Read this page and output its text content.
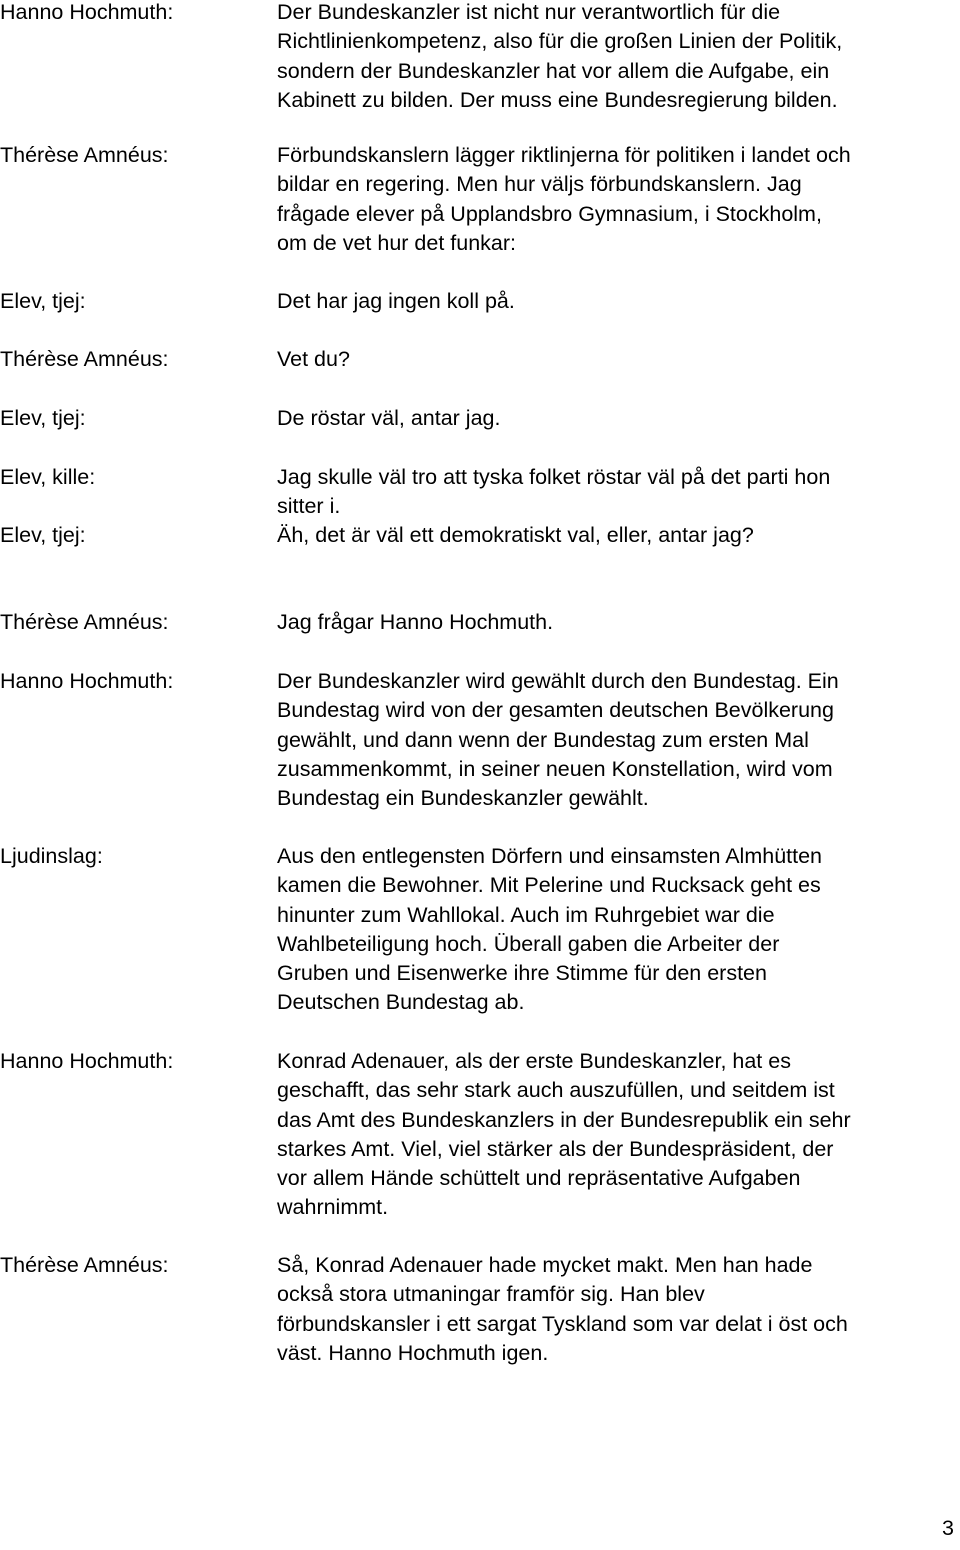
Hanno Hochmuth:	Der Bundeskanzler ist nicht nur verantwortlich für die
Richtlinienkompetenz, also für die großen Linien der Politik,
sondern der Bundeskanzler hat vor allem die Aufgabe, ein
Kabinett zu bilden. Der muss eine Bundesregierung bilden.
Thérèse Amnéus:	Förbundskanslern lägger riktlinjerna för politiken i landet och
bildar en regering. Men hur väljs förbundskanslern. Jag
frågade elever på Upplandsbro Gymnasium, i Stockholm,
om de vet hur det funkar:
Elev, tjej:	Det har jag ingen koll på.
Thérèse Amnéus:	Vet du?
Elev, tjej:	De röstar väl, antar jag.
Elev, kille:	Jag skulle väl tro att tyska folket röstar väl på det parti hon
sitter i.
Elev, tjej:	Äh, det är väl ett demokratiskt val, eller, antar jag?
Thérèse Amnéus:	Jag frågar Hanno Hochmuth.
Hanno Hochmuth:	Der Bundeskanzler wird gewählt durch den Bundestag. Ein
Bundestag wird von der gesamten deutschen Bevölkerung
gewählt, und dann wenn der Bundestag zum ersten Mal
zusammenkommt, in seiner neuen Konstellation, wird vom
Bundestag ein Bundeskanzler gewählt.
Ljudinslag:	Aus den entlegensten Dörfern und einsamsten Almhütten
kamen die Bewohner. Mit Pelerine und Rucksack geht es
hinunter zum Wahllokal. Auch im Ruhrgebiet war die
Wahlbeteiligung hoch. Überall gaben die Arbeiter der
Gruben und Eisenwerke ihre Stimme für den ersten
Deutschen Bundestag ab.
Hanno Hochmuth:	Konrad Adenauer, als der erste Bundeskanzler, hat es
geschafft, das sehr stark auch auszufüllen, und seitdem ist
das Amt des Bundeskanzlers in der Bundesrepublik ein sehr
starkes Amt. Viel, viel stärker als der Bundespräsident, der
vor allem Hände schüttelt und repräsentative Aufgaben
wahrnimmt.
Thérèse Amnéus:	Så, Konrad Adenauer hade mycket makt. Men han hade
också stora utmaningar framför sig. Han blev
förbundskansler i ett sargat Tyskland som var delat i öst och
väst. Hanno Hochmuth igen.
3
